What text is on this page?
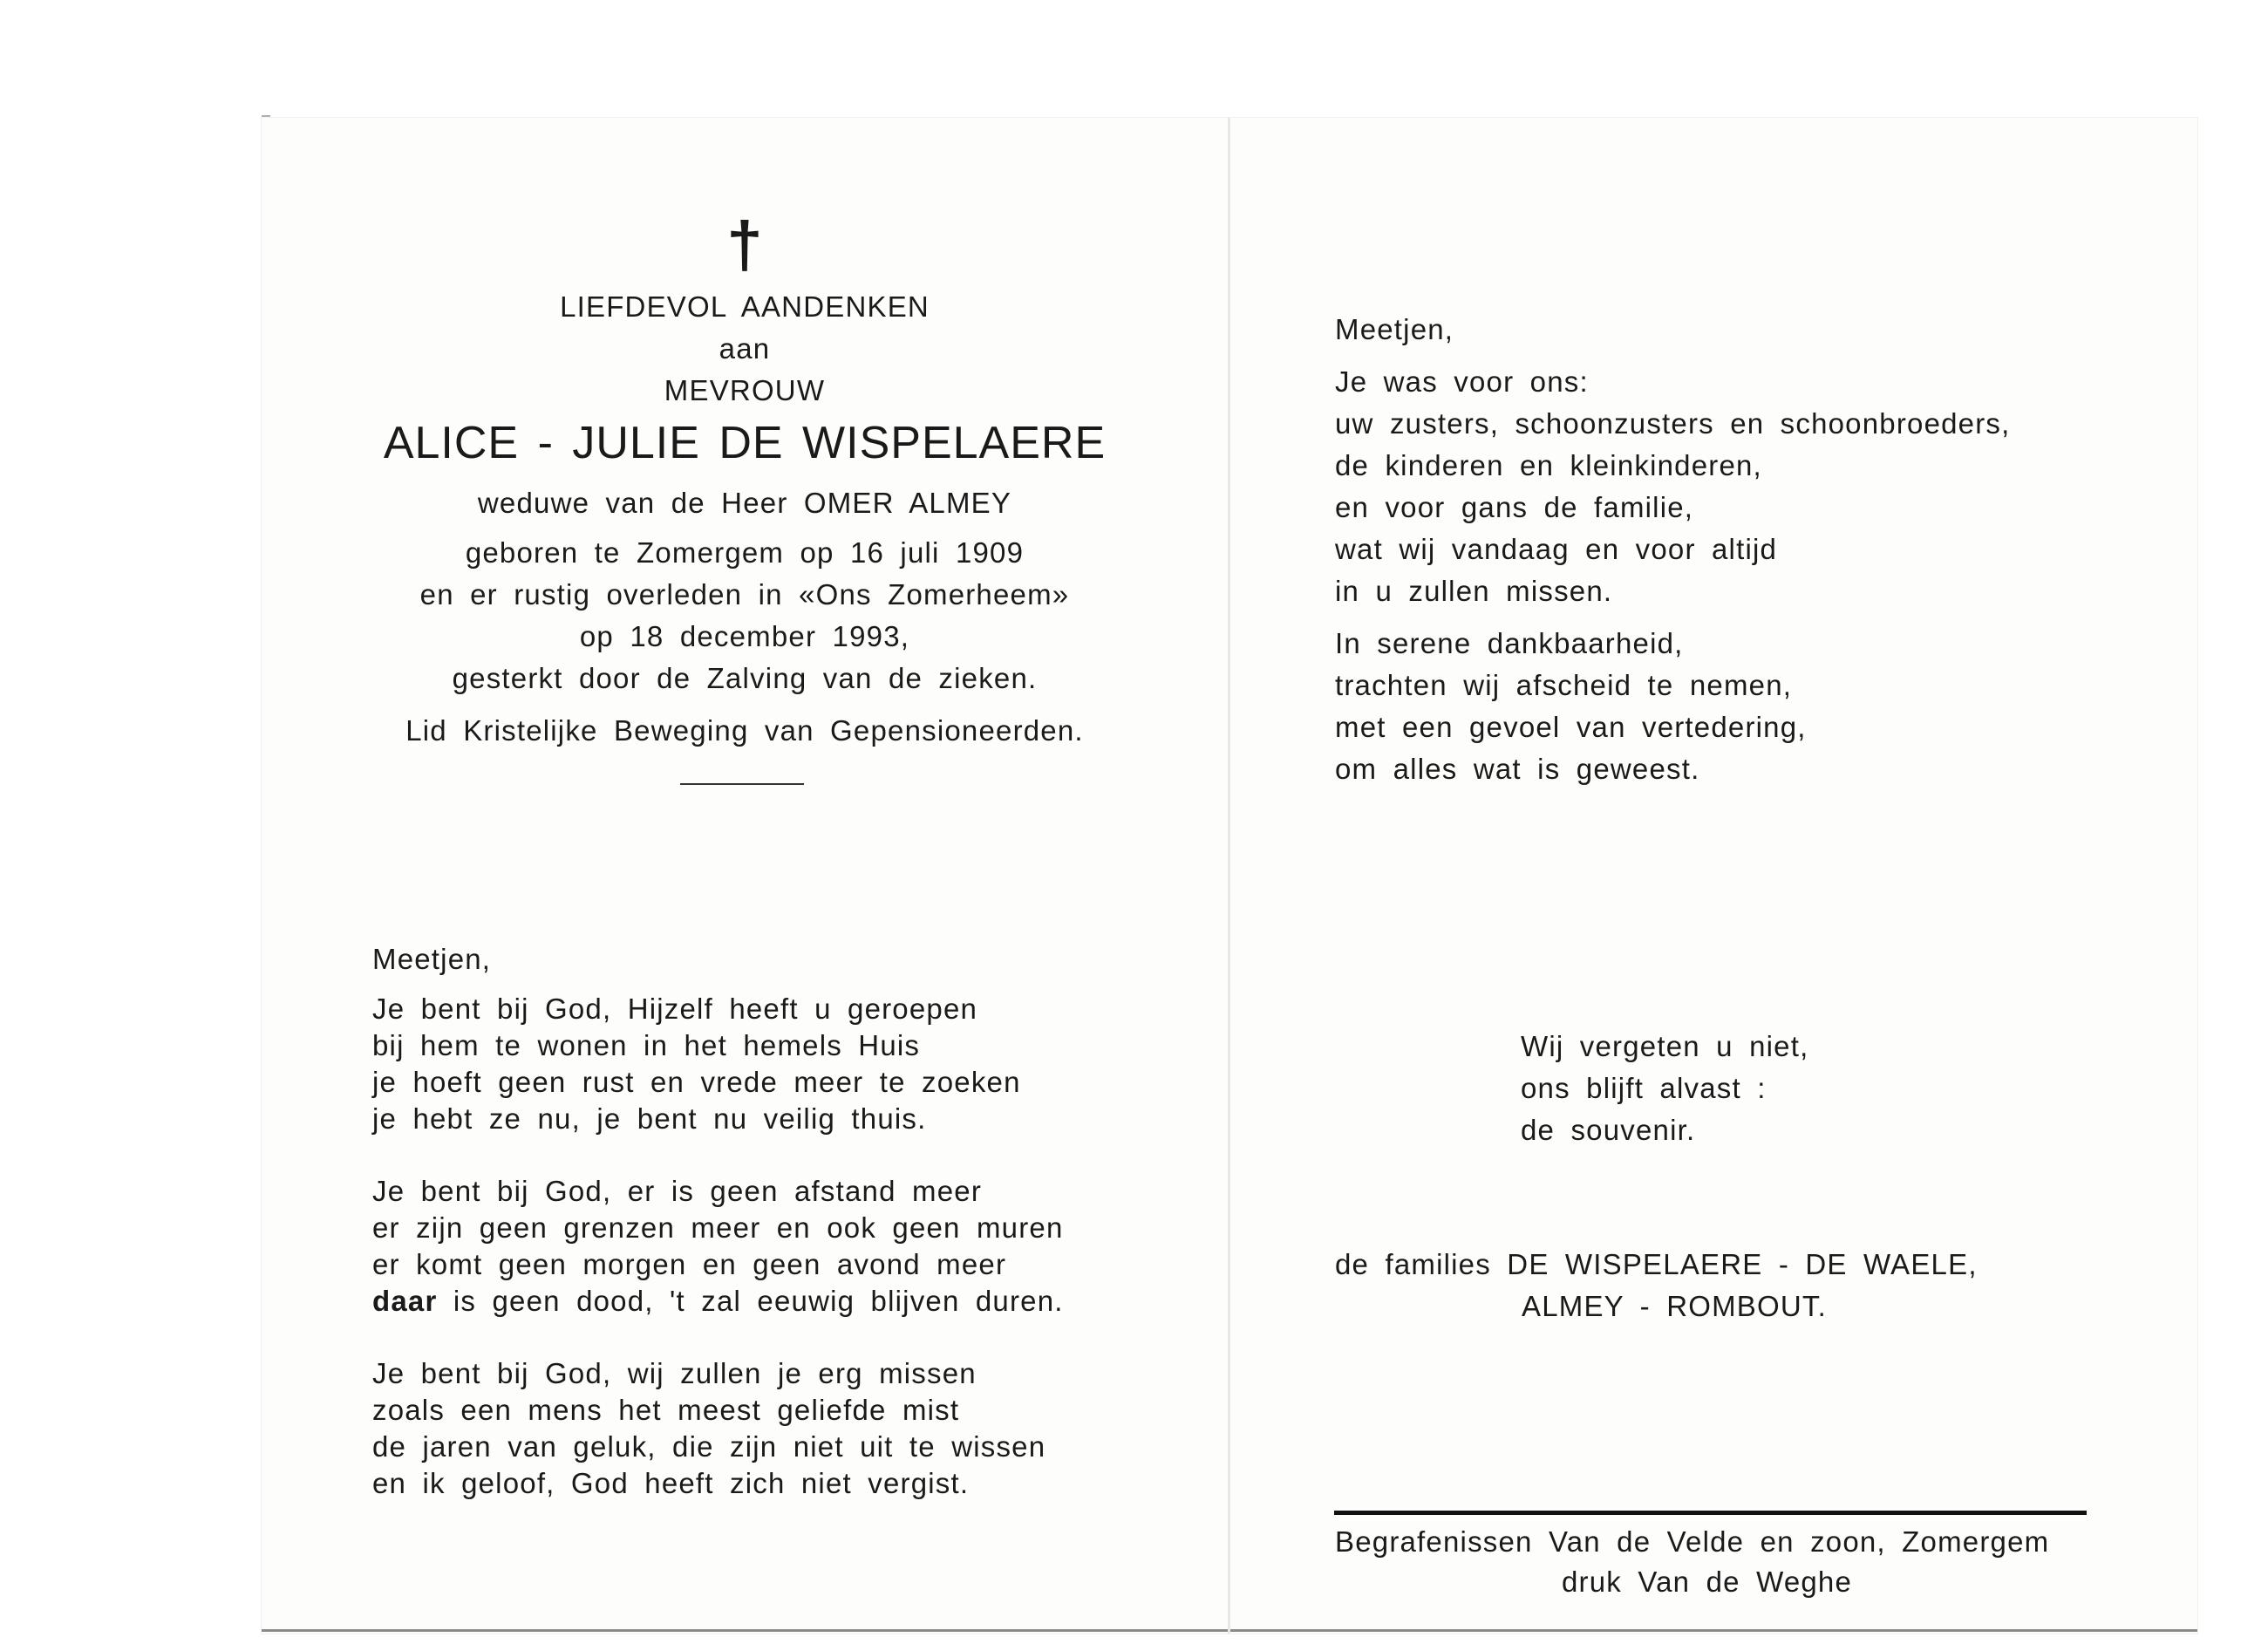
†
LIEFDEVOL AANDENKEN
aan
MEVROUW
ALICE - JULIE DE WISPELAERE
weduwe van de Heer OMER ALMEY
geboren te Zomergem op 16 juli 1909
en er rustig overleden in «Ons Zomerheem»
op 18 december 1993,
gesterkt door de Zalving van de zieken.
Lid Kristelijke Beweging van Gepensioneerden.
Meetjen,
Je bent bij God, Hijzelf heeft u geroepen
bij hem te wonen in het hemels Huis
je hoeft geen rust en vrede meer te zoeken
je hebt ze nu, je bent nu veilig thuis.
Je bent bij God, er is geen afstand meer
er zijn geen grenzen meer en ook geen muren
er komt geen morgen en geen avond meer
daar is geen dood, 't zal eeuwig blijven duren.
Je bent bij God, wij zullen je erg missen
zoals een mens het meest geliefde mist
de jaren van geluk, die zijn niet uit te wissen
en ik geloof, God heeft zich niet vergist.
Meetjen,
Je was voor ons:
uw zusters, schoonzusters en schoonbroeders,
de kinderen en kleinkinderen,
en voor gans de familie,
wat wij vandaag en voor altijd
in u zullen missen.
In serene dankbaarheid,
trachten wij afscheid te nemen,
met een gevoel van vertedering,
om alles wat is geweest.
Wij vergeten u niet,
ons blijft alvast :
de souvenir.
de families DE WISPELAERE - DE WAELE,
ALMEY - ROMBOUT.
Begrafenissen Van de Velde en zoon, Zomergem
druk Van de Weghe
